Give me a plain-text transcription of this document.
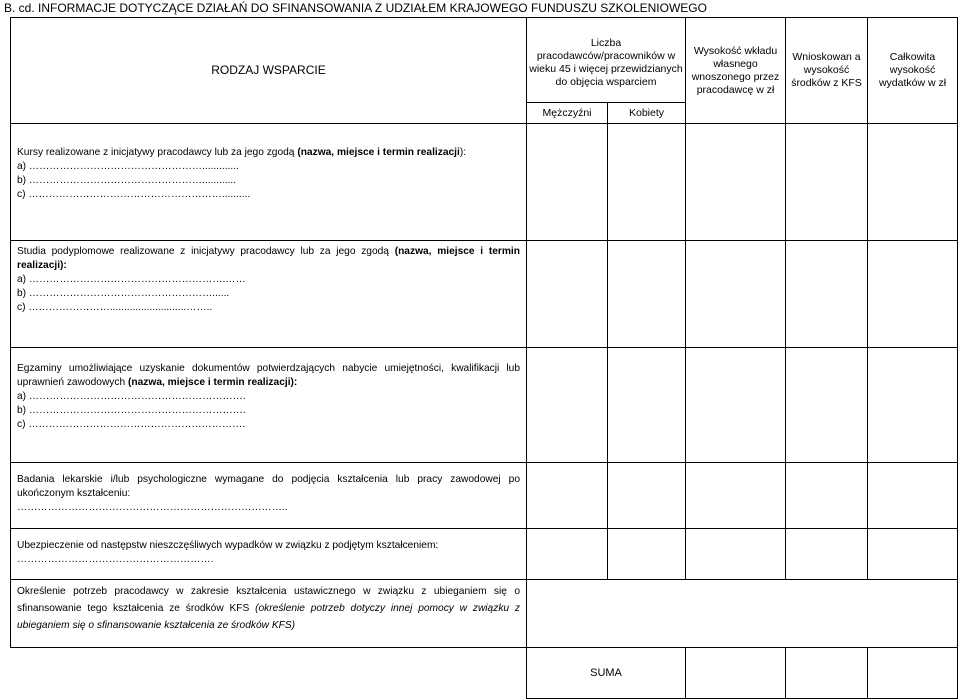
B. cd. INFORMACJE DOTYCZĄCE DZIAŁAŃ DO SFINANSOWANIA Z UDZIAŁEM KRAJOWEGO FUNDUSZU SZKOLENIOWEGO
RODZAJ WSPARCIE	Liczba pracodawców/pracowników w wieku 45 i więcej przewidzianych do objęcia wsparciem		Wysokość wkładu własnego wnoszonego przez pracodawcę w zł	Wnioskowan a wysokość środków z KFS	Całkowita wysokość wydatków w zł
	Mężczyźni	Kobiety			
Kursy realizowane z inicjatywy pracodawcy lub za jego zgodą (nazwa, miejsce i termin realizacji):
a) …………………………………………….............
b) ……………………………………………............
c) …………………………………………………..........					

Studia podyplomowe realizowane z inicjatywy pracodawcy lub za jego zgodą (nazwa, miejsce i termin realizacji):
a) ………………………………………………….……
b) ………………………………………………......
c) ……………………...........................……..					

Egzaminy umożliwiające uzyskanie dokumentów potwierdzających nabycie umiejętności, kwalifikacji lub uprawnień zawodowych (nazwa, miejsce i termin realizacji):
a) ……………………………………………………….
b) ……………………………………………………….
c) ……………………………………………………….					

Badania lekarskie i/lub psychologiczne wymagane do podjęcia kształcenia lub pracy zawodowej po ukończonym kształceniu:
……………………………………………………………………..					

Ubezpieczenie od następstw nieszczęśliwych wypadków w związku z podjętym kształceniem:
………………………………………………….					

Określenie potrzeb pracodawcy w zakresie kształcenia ustawicznego w związku z ubieganiem się o sfinansowanie tego kształcenia ze środków KFS (określenie potrzeb dotyczy innej pomocy w związku z ubieganiem się o sfinansowanie kształcenia ze środków KFS)					
	SUMA				
